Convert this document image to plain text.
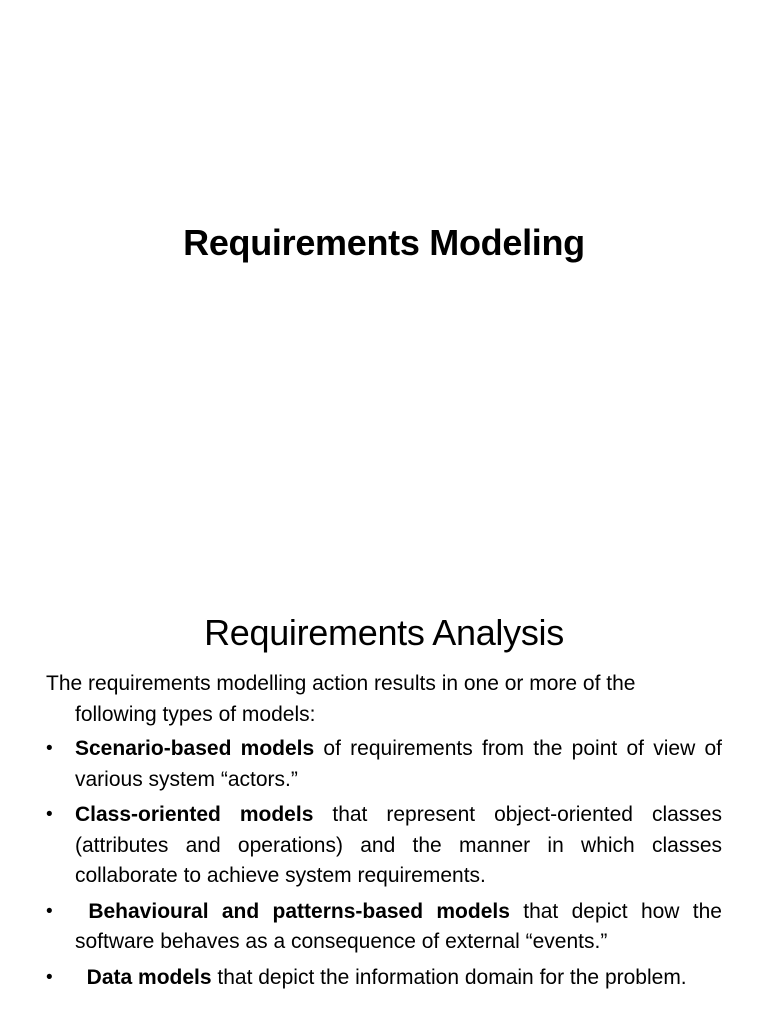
Requirements Modeling
Requirements Analysis

The requirements modelling action results in one or more of the following types of models:

• Scenario-based models of requirements from the point of view of various system “actors.”
• Class-oriented models that represent object-oriented classes (attributes and operations) and the manner in which classes collaborate to achieve system requirements.
• Behavioural and patterns-based models that depict how the software behaves as a consequence of external “events.”
• Data models that depict the information domain for the problem.
